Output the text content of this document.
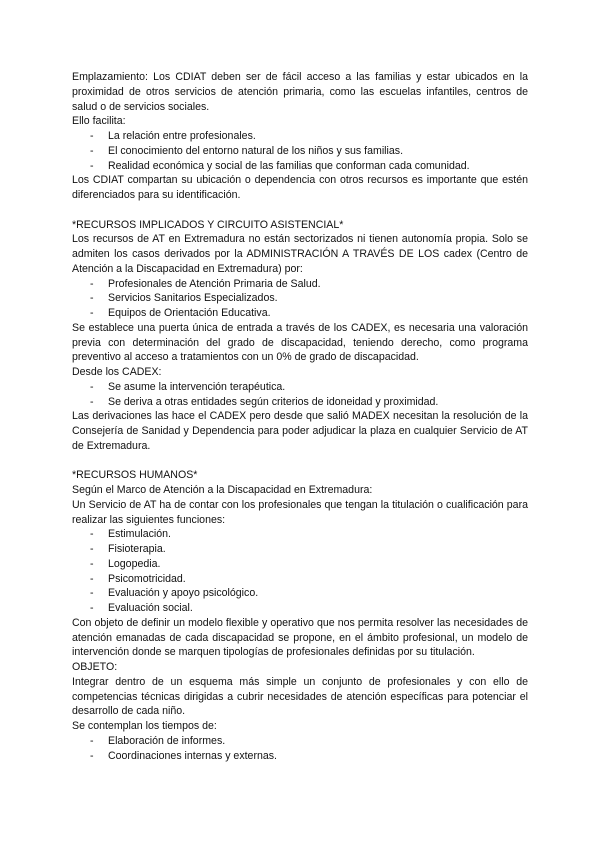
Emplazamiento: Los CDIAT deben ser de fácil acceso a las familias y estar ubicados en la proximidad de otros servicios de atención primaria, como las escuelas infantiles, centros de salud o de servicios sociales.

Ello facilita:

- La relación entre profesionales.
- El conocimiento del entorno natural de los niños y sus familias.
- Realidad económica y social de las familias que conforman cada comunidad.

Los CDIAT compartan su ubicación o dependencia con otros recursos es importante que estén diferenciados para su identificación.

*RECURSOS IMPLICADOS Y CIRCUITO ASISTENCIAL*

Los recursos de AT en Extremadura no están sectorizados ni tienen autonomía propia. Solo se admiten los casos derivados por la ADMINISTRACIÓN A TRAVÉS DE LOS cadex (Centro de Atención a la Discapacidad en Extremadura) por:

- Profesionales de Atención Primaria de Salud.
- Servicios Sanitarios Especializados.
- Equipos de Orientación Educativa.

Se establece una puerta única de entrada a través de los CADEX, es necesaria una valoración previa con determinación del grado de discapacidad, teniendo derecho, como programa preventivo al acceso a tratamientos con un 0% de grado de discapacidad.

Desde los CADEX:

- Se asume la intervención terapéutica.
- Se deriva a otras entidades según criterios de idoneidad y proximidad.

Las derivaciones las hace el CADEX pero desde que salió MADEX necesitan la resolución de la Consejería de Sanidad y Dependencia para poder adjudicar la plaza en cualquier Servicio de AT de Extremadura.

*RECURSOS HUMANOS*

Según el Marco de Atención a la Discapacidad en Extremadura:

Un Servicio de AT ha de contar con los profesionales que tengan la titulación o cualificación para realizar las siguientes funciones:

- Estimulación.
- Fisioterapia.
- Logopedia.
- Psicomotricidad.
- Evaluación y apoyo psicológico.
- Evaluación social.

Con objeto de definir un modelo flexible y operativo que nos permita resolver las necesidades de atención emanadas de cada discapacidad se propone, en el ámbito profesional, un modelo de intervención donde se marquen tipologías de profesionales definidas por su titulación.

OBJETO:

Integrar dentro de un esquema más simple un conjunto de profesionales y con ello de competencias técnicas dirigidas a cubrir necesidades de atención específicas para potenciar el desarrollo de cada niño.

Se contemplan los tiempos de:

- Elaboración de informes.
- Coordinaciones internas y externas.
